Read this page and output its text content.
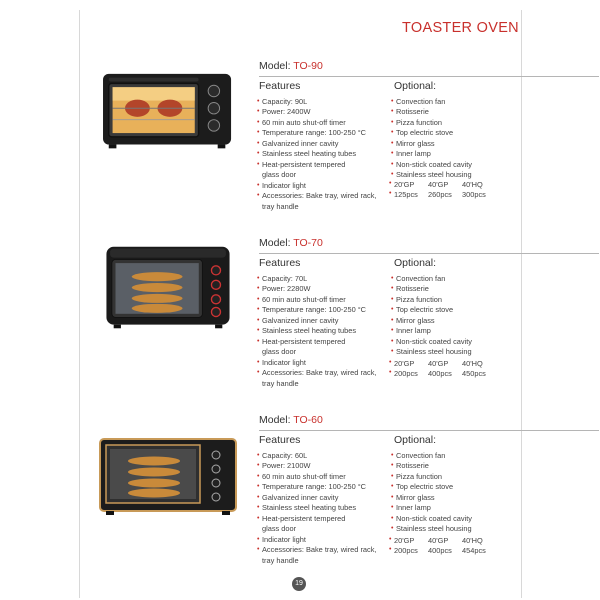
TOASTER OVEN
Model: TO-90
Features	Optional:
• Capacity: 90L
• Power: 2400W
• 60 min auto shut-off timer
• Temperature range: 100-250 °C
• Galvanized inner cavity
• Stainless steel heating tubes
• Heat-persistent tempered
glass door
• Indicator light
• Accessories: Bake tray, wired rack,
tray handle
• Convection fan
• Rotisserie
• Pizza function
• Top electric stove
• Mirror glass
• Inner lamp
• Non-stick coated cavity
• Stainless steel housing
• 20'GP 40'GP 40'HQ
• 125pcs 260pcs 300pcs
Model: TO-70
Features	Optional:
• Capacity: 70L
• Power: 2280W
• 60 min auto shut-off timer
• Temperature range: 100-250 °C
• Galvanized inner cavity
• Stainless steel heating tubes
• Heat-persistent tempered
glass door
• Indicator light
• Accessories: Bake tray, wired rack,
tray handle
• Convection fan
• Rotisserie
• Pizza function
• Top electric stove
• Mirror glass
• Inner lamp
• Non-stick coated cavity
• Stainless steel housing
• 20'GP 40'GP 40'HQ
• 200pcs 400pcs 450pcs
Model: TO-60
Features	Optional:
• Capacity: 60L
• Power: 2100W
• 60 min auto shut-off timer
• Temperature range: 100-250 °C
• Galvanized inner cavity
• Stainless steel heating tubes
• Heat-persistent tempered
glass door
• Indicator light
• Accessories: Bake tray, wired rack,
tray handle
• Convection fan
• Rotisserie
• Pizza function
• Top electric stove
• Mirror glass
• Inner lamp
• Non-stick coated cavity
• Stainless steel housing
• 20'GP 40'GP 40'HQ
• 200pcs 400pcs 454pcs
19
